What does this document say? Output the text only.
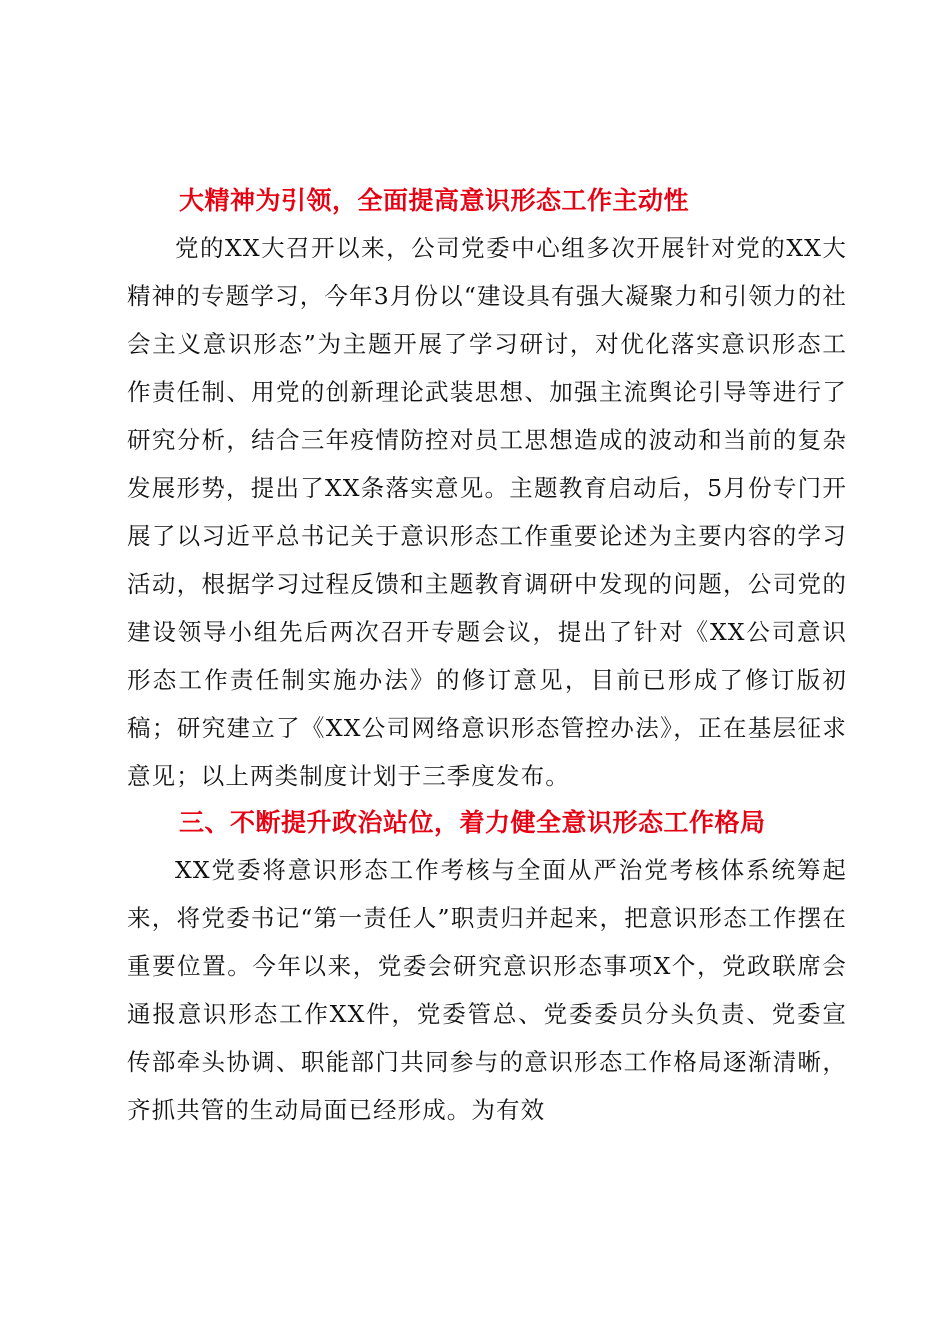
大精神为引领，全面提高意识形态工作主动性

党的XX大召开以来，公司党委中心组多次开展针对党的XX大精神的专题学习，今年3月份以“建设具有强大凝聚力和引领力的社会主义意识形态”为主题开展了学习研讨，对优化落实意识形态工作责任制、用党的创新理论武装思想、加强主流舆论引导等进行了研究分析，结合三年疫情防控对员工思想造成的波动和当前的复杂发展形势，提出了XX条落实意见。主题教育启动后，5月份专门开展了以习近平总书记关于意识形态工作重要论述为主要内容的学习活动，根据学习过程反馈和主题教育调研中发现的问题，公司党的建设领导小组先后两次召开专题会议，提出了针对《XX公司意识形态工作责任制实施办法》的修订意见，目前已形成了修订版初稿；研究建立了《XX公司网络意识形态管控办法》，正在基层征求意见；以上两类制度计划于三季度发布。

三、不断提升政治站位，着力健全意识形态工作格局

XX党委将意识形态工作考核与全面从严治党考核体系统筹起来，将党委书记“第一责任人”职责归并起来，把意识形态工作摆在重要位置。今年以来，党委会研究意识形态事项X个，党政联席会通报意识形态工作XX件，党委管总、党委委员分头负责、党委宣传部牵头协调、职能部门共同参与的意识形态工作格局逐渐清晰，齐抓共管的生动局面已经形成。为有效
